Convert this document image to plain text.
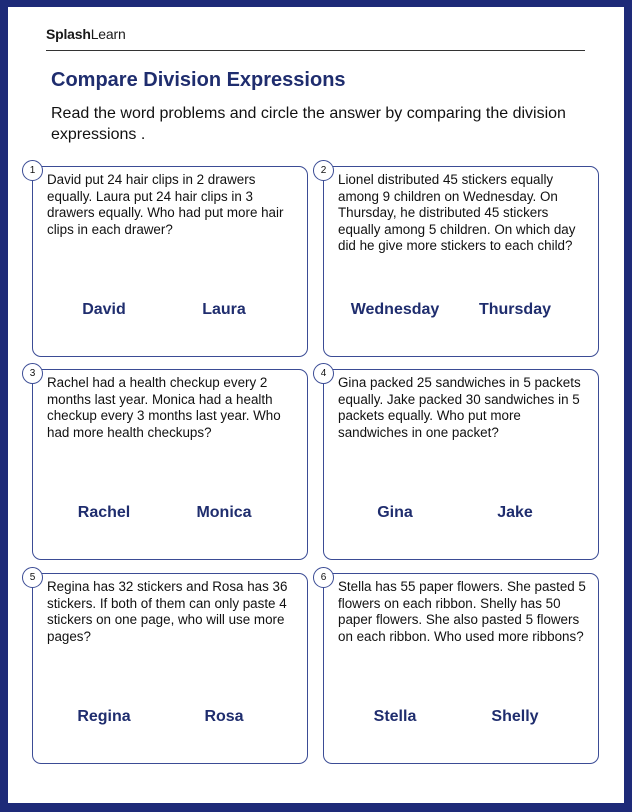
SplashLearn
Compare Division Expressions
Read the word problems and circle the answer by comparing the division expressions .
1
David put 24 hair clips in 2 drawers equally. Laura put 24 hair clips in 3 drawers equally. Who had put more hair clips in each drawer?
David	Laura
2
Lionel distributed 45 stickers equally among 9 children on Wednesday. On Thursday, he distributed 45 stickers equally among 5 children. On which day did he give more stickers to each child?
Wednesday	Thursday
3
Rachel had a health checkup every 2 months last year. Monica had a health checkup every 3 months last year. Who had more health checkups?
Rachel	Monica
4
Gina packed 25 sandwiches in 5 packets equally. Jake packed 30 sandwiches in 5 packets equally. Who put more sandwiches in one packet?
Gina	Jake
5
Regina has 32 stickers and Rosa has 36 stickers. If both of them can only paste 4 stickers on one page, who will use more pages?
Regina	Rosa
6
Stella has 55 paper flowers. She pasted 5 flowers on each ribbon. Shelly has 50 paper flowers. She also pasted 5 flowers on each ribbon. Who used more ribbons?
Stella	Shelly
